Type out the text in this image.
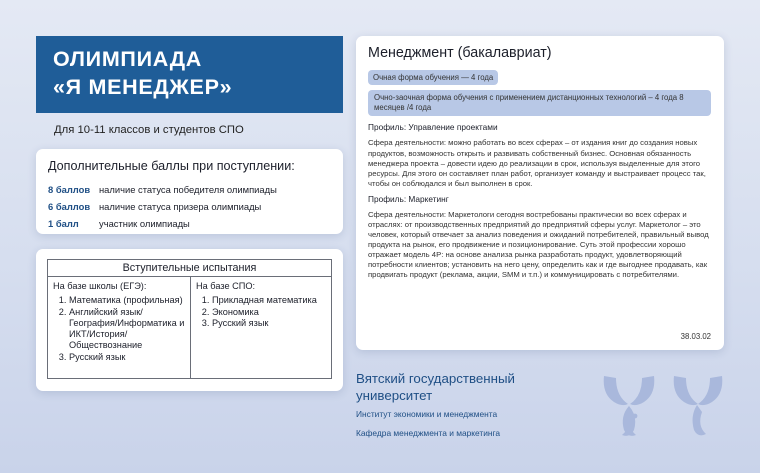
ОЛИМПИАДА
«Я МЕНЕДЖЕР»
Для 10-11 классов и студентов СПО
Дополнительные баллы при поступлении:
8 баллов наличие статуса победителя олимпиады
6 баллов наличие статуса призера олимпиады
1 балл	участник олимпиады
Вступительные испытания
На базе школы (ЕГЭ):
1. Математика (профильная)
2. Английский язык/ География/Информатика и ИКТ/История/ Обществознание
3. Русский язык
На базе СПО:
1. Прикладная математика
2. Экономика
3. Русский язык
Менеджмент (бакалавриат)
Очная форма обучения — 4 года
Очно-заочная форма обучения с применением дистанционных технологий – 4 года 8 месяцев /4 года
Профиль: Управление проектами
Сфера деятельности: можно работать во всех сферах – от издания книг до создания новых продуктов, возможность открыть и развивать собственный бизнес. Основная обязанность менеджера проекта – довести идею до реализации в срок, используя выделенные для этого ресурсы. Для этого он составляет план работ, организует команду и выстраивает процесс так, чтобы он соблюдался и был выполнен в срок.
Профиль: Маркетинг
Сфера деятельности: Маркетологи сегодня востребованы практически во всех сферах и отраслях: от производственных предприятий до предприятий сферы услуг. Маркетолог – это человек, который отвечает за анализ поведения и ожиданий потребителей, правильный вывод продукта на рынок, его продвижение и позиционирование. Суть этой профессии хорошо отражает модель 4P: на основе анализа рынка разработать продукт, удовлетворяющий потребности клиентов; установить на него цену, определить как и где выгоднее продавать, как продвигать продукт (реклама, акции, SMM и т.п.) и коммуницировать с потребителями.
38.03.02
Вятский государственный университет
Институт экономики и менеджмента
Кафедра менеджмента и маркетинга
